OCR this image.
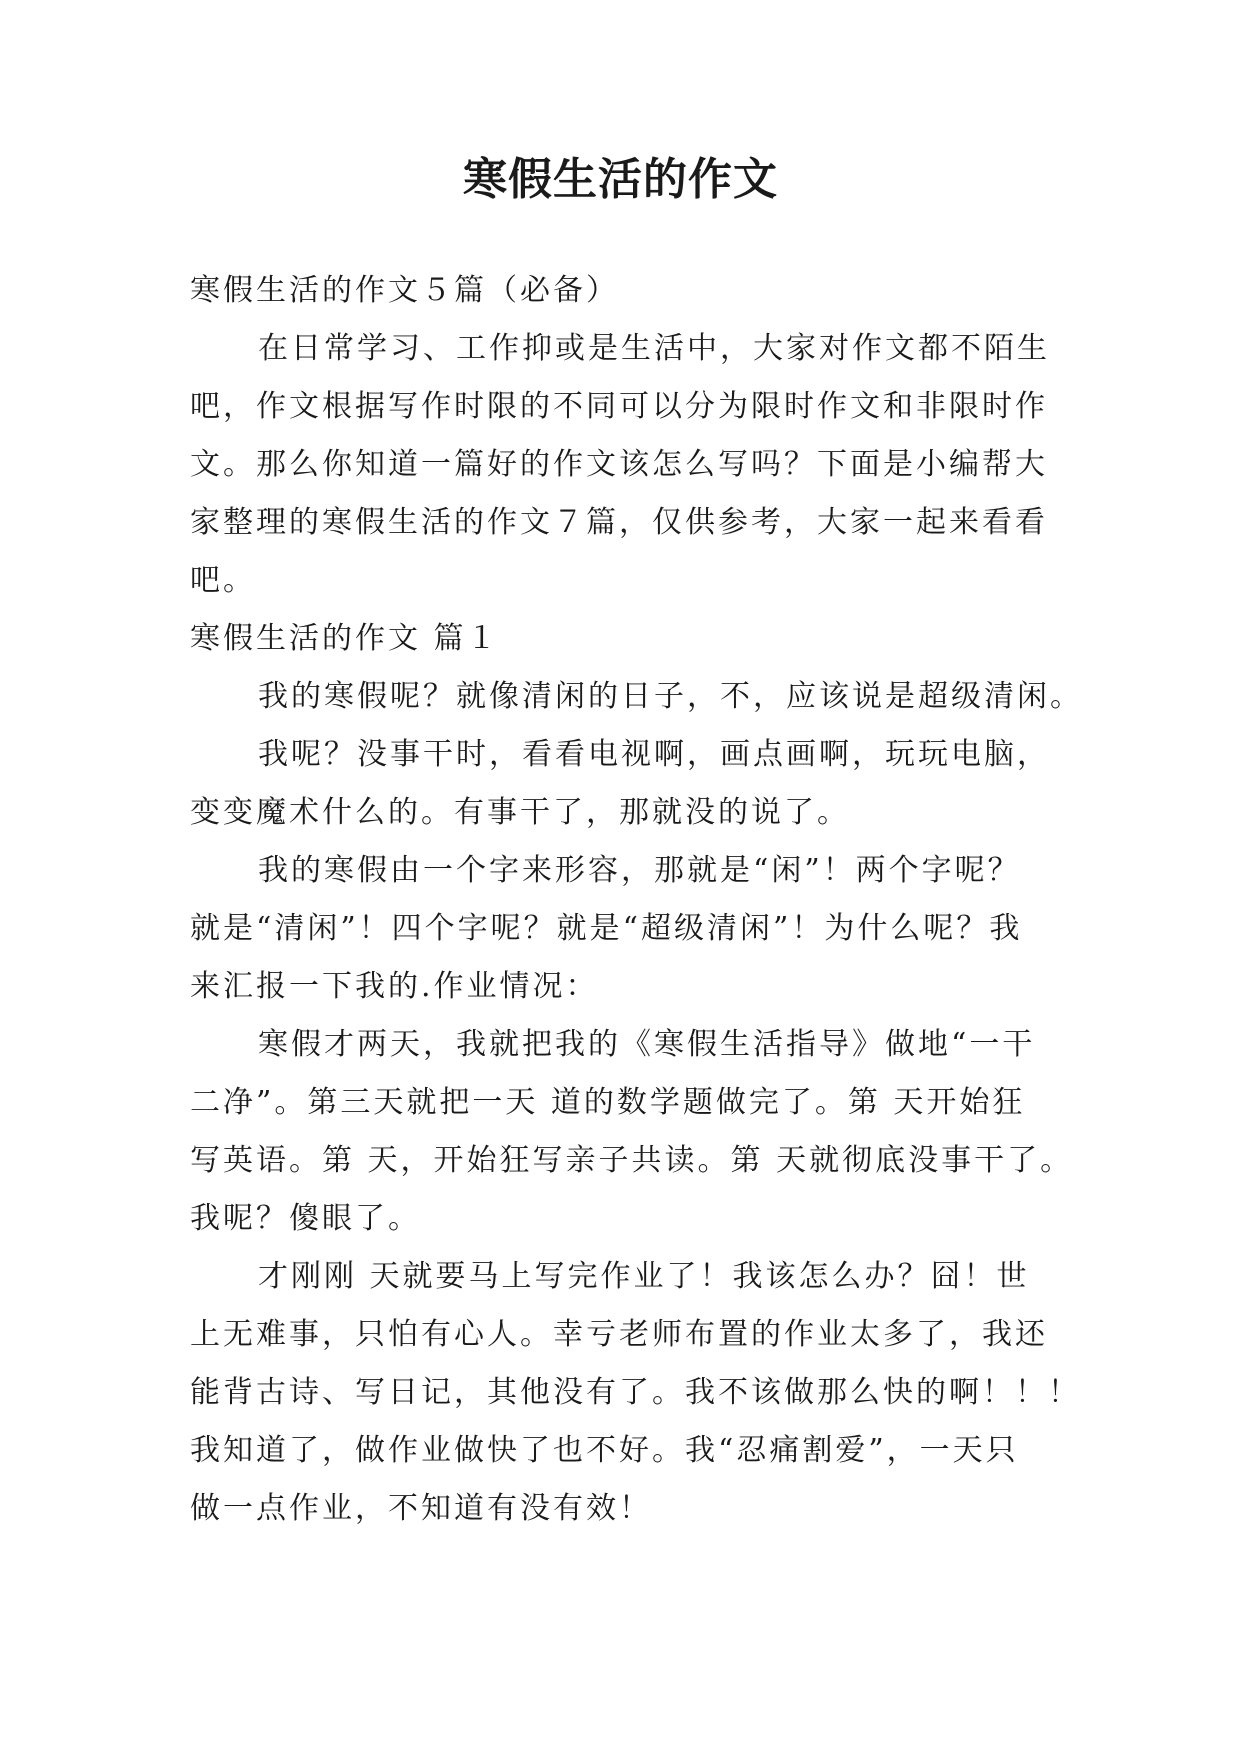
寒假生活的作文
寒假生活的作文５篇（必备）
在日常学习、工作抑或是生活中，大家对作文都不陌生
吧，作文根据写作时限的不同可以分为限时作文和非限时作
文。那么你知道一篇好的作文该怎么写吗？下面是小编帮大
家整理的寒假生活的作文７篇，仅供参考，大家一起来看看
吧。
寒假生活的作文 篇１
我的寒假呢？就像清闲的日子，不，应该说是超级清闲。
我呢？没事干时，看看电视啊，画点画啊，玩玩电脑，
变变魔术什么的。有事干了，那就没的说了。
我的寒假由一个字来形容，那就是“闲”！两个字呢？
就是“清闲”！四个字呢？就是“超级清闲”！为什么呢？我
来汇报一下我的.作业情况：
寒假才两天，我就把我的《寒假生活指导》做地“一干
二净”。第三天就把一天 道的数学题做完了。第 天开始狂
写英语。第 天，开始狂写亲子共读。第 天就彻底没事干了。
我呢？傻眼了。
才刚刚 天就要马上写完作业了！我该怎么办？囧！世
上无难事，只怕有心人。幸亏老师布置的作业太多了，我还
能背古诗、写日记，其他没有了。我不该做那么快的啊！！！
我知道了，做作业做快了也不好。我“忍痛割爱”，一天只
做一点作业，不知道有没有效！
